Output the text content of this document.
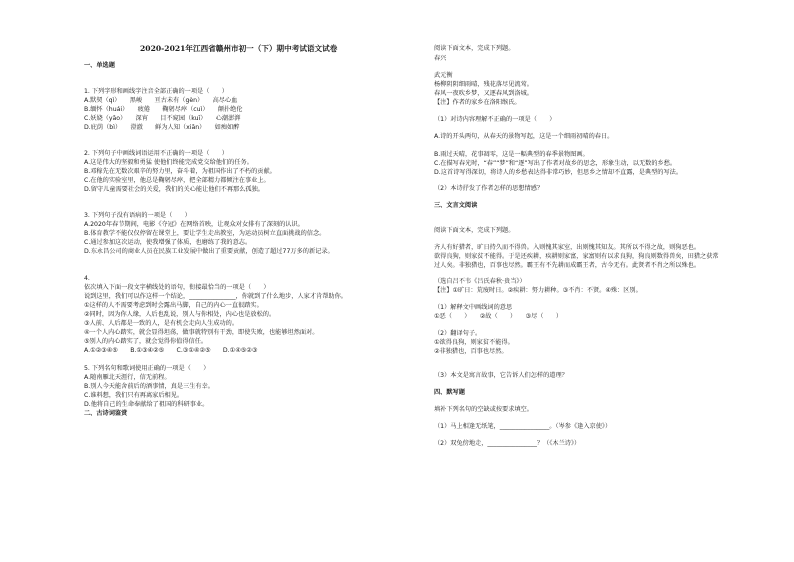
2020-2021年江西省赣州市初一（下）期中考试语文试卷
一、单选题
1. 下列字形和画线字注音全部正确的一项是（　　）
A.默契（qì）　　黑峻　　亘古未有（gèn）　　高尽心血
B.缅怀（huái）　　疲倦　　鞠躬尽瘁（cuì）　　颠扑绝伦
C.妖娆（yāo）　　深宵　　目不窥园（kuī）　　心潮澎湃
D.庇荫（bì）　　澄澈　　鲜为人知（xiān）　　如痴如醉
2. 下列句子中画线词语运用不正确的一项是（　　）
A.这是伟大的坚毅和勇猛 使他们终能完成党交给他们的任务。
B.邓稼先在无数次艰辛的努力里，奋斗着，为祖国作出了不朽的贡献。
C.在他的实验室里，他总是鞠躬尽瘁，把全部精力都倾注在事业上。
D.留守儿童需要社会的关爱，我们的关心能让他们不再那么孤独。
3. 下列句子没有语病的一项是（　　）
A.2020年春节期间，电影《夺冠》在网络首映，让观众对女排有了深刻的认识。
B.体育教学不能仅仅停留在课堂上，要让学生走出教室，为运动员树立直面挑战的信念。
C.通过参加这次运动，使我增强了体质，也磨练了我的意志。
D.东永昌公司的商业人员在民族工业发展中做出了重要贡献，创造了超过77万多的新记录。
4.
依次填入下面一段文字横线处的语句，衔接最恰当的一项是（　　）
说到这里，我们可以作这样一个结论，_______________，你就到了什么地步，人家才肯帮助你。
①这样的人不需要考虑到时会露出马脚，自己的内心一直很踏实。
②同时，因为你人缘，人后也乱说，别人与你相处，内心也是放松的。
③人前、人后都是一致的人，是有机会走向人生成功的。
④一个人内心踏实，就会显得坦荡，做事就特别有干劲，即使失败，也能够坦然面对。
⑤别人的内心踏实了，就会觉得你值得信任。
A.①②③④⑤　　B.①③④②⑤　　C.③①④②⑤　　D.①④⑤②③
5. 下列名句和歌词使用正确的一项是（　　）
A.随南雁北天涯行，信无前程。
B.别人今天能舍前后的酒事情，真是三生有幸。
C.谁料想，我们只有再离家后相见。
D.他将自己的生命奉献给了祖国的科研事业。
二、古诗词鉴赏
阅读下面文本，完成下列题。
春兴
武元衡
杨柳阴阴细雨晴，残花落尽见流莺。
春风一夜吹乡梦，又逐春风到洛城。
【注】作者的家乡在洛阳缑氏。
（1）对诗内容理解不正确的一项是（　　）
A.诗的开头两句，从春天的景物写起，这是一个细雨初晴的春日。
B.雨过天晴，花事凋零，这是一幅典型的春季景物图画。
C.在描写春光时，“春”“梦”和“逐”写出了作者对故乡的思念，形象生动，以无数的乡愁。
D.这首诗写得深切，将诗人的乡愁表达得非常巧妙，但思乡之情却不直露，是典型的写法。
（2）本诗抒发了作者怎样的思想情感？
三、文言文阅读
阅读下面文本，完成下列题。
齐人有好猎者，旷日持久而不得兽。入则愧其家室，出则愧其知友。其所以不得之故，则狗恶也。
欲得良狗，则家贫不能得。于是还疾耕，疾耕则家富，家富则有以求良狗，狗良则数得兽矣，田猎之获常
过人矣。非独猎也，百事也尽然。霸王有不先耕而成霸王者，古今无有。此贤者不肖之所以殊也。
（选自吕不韦《吕氏春秋·贵当》）
【注】①旷日：荒废时日。②疾耕：努力耕种。③不肖：不贤。④殊：区别。
（1）解释文中画线词的意思
①恶（　　）　　②故（　　）　　③尽（　　）
（2）翻译句子。
①欲得良狗，则家贫不能得。
②非独猎也，百事也尽然。
（3）本文是寓言故事，它告诉人们怎样的道理？
四、默写题
填补下列名句的空缺或按要求填空。
（1）马上相逢无纸笔，________________。（岑参《逢入京使》）
（2）双兔傍地走，________________？（《木兰诗》）
